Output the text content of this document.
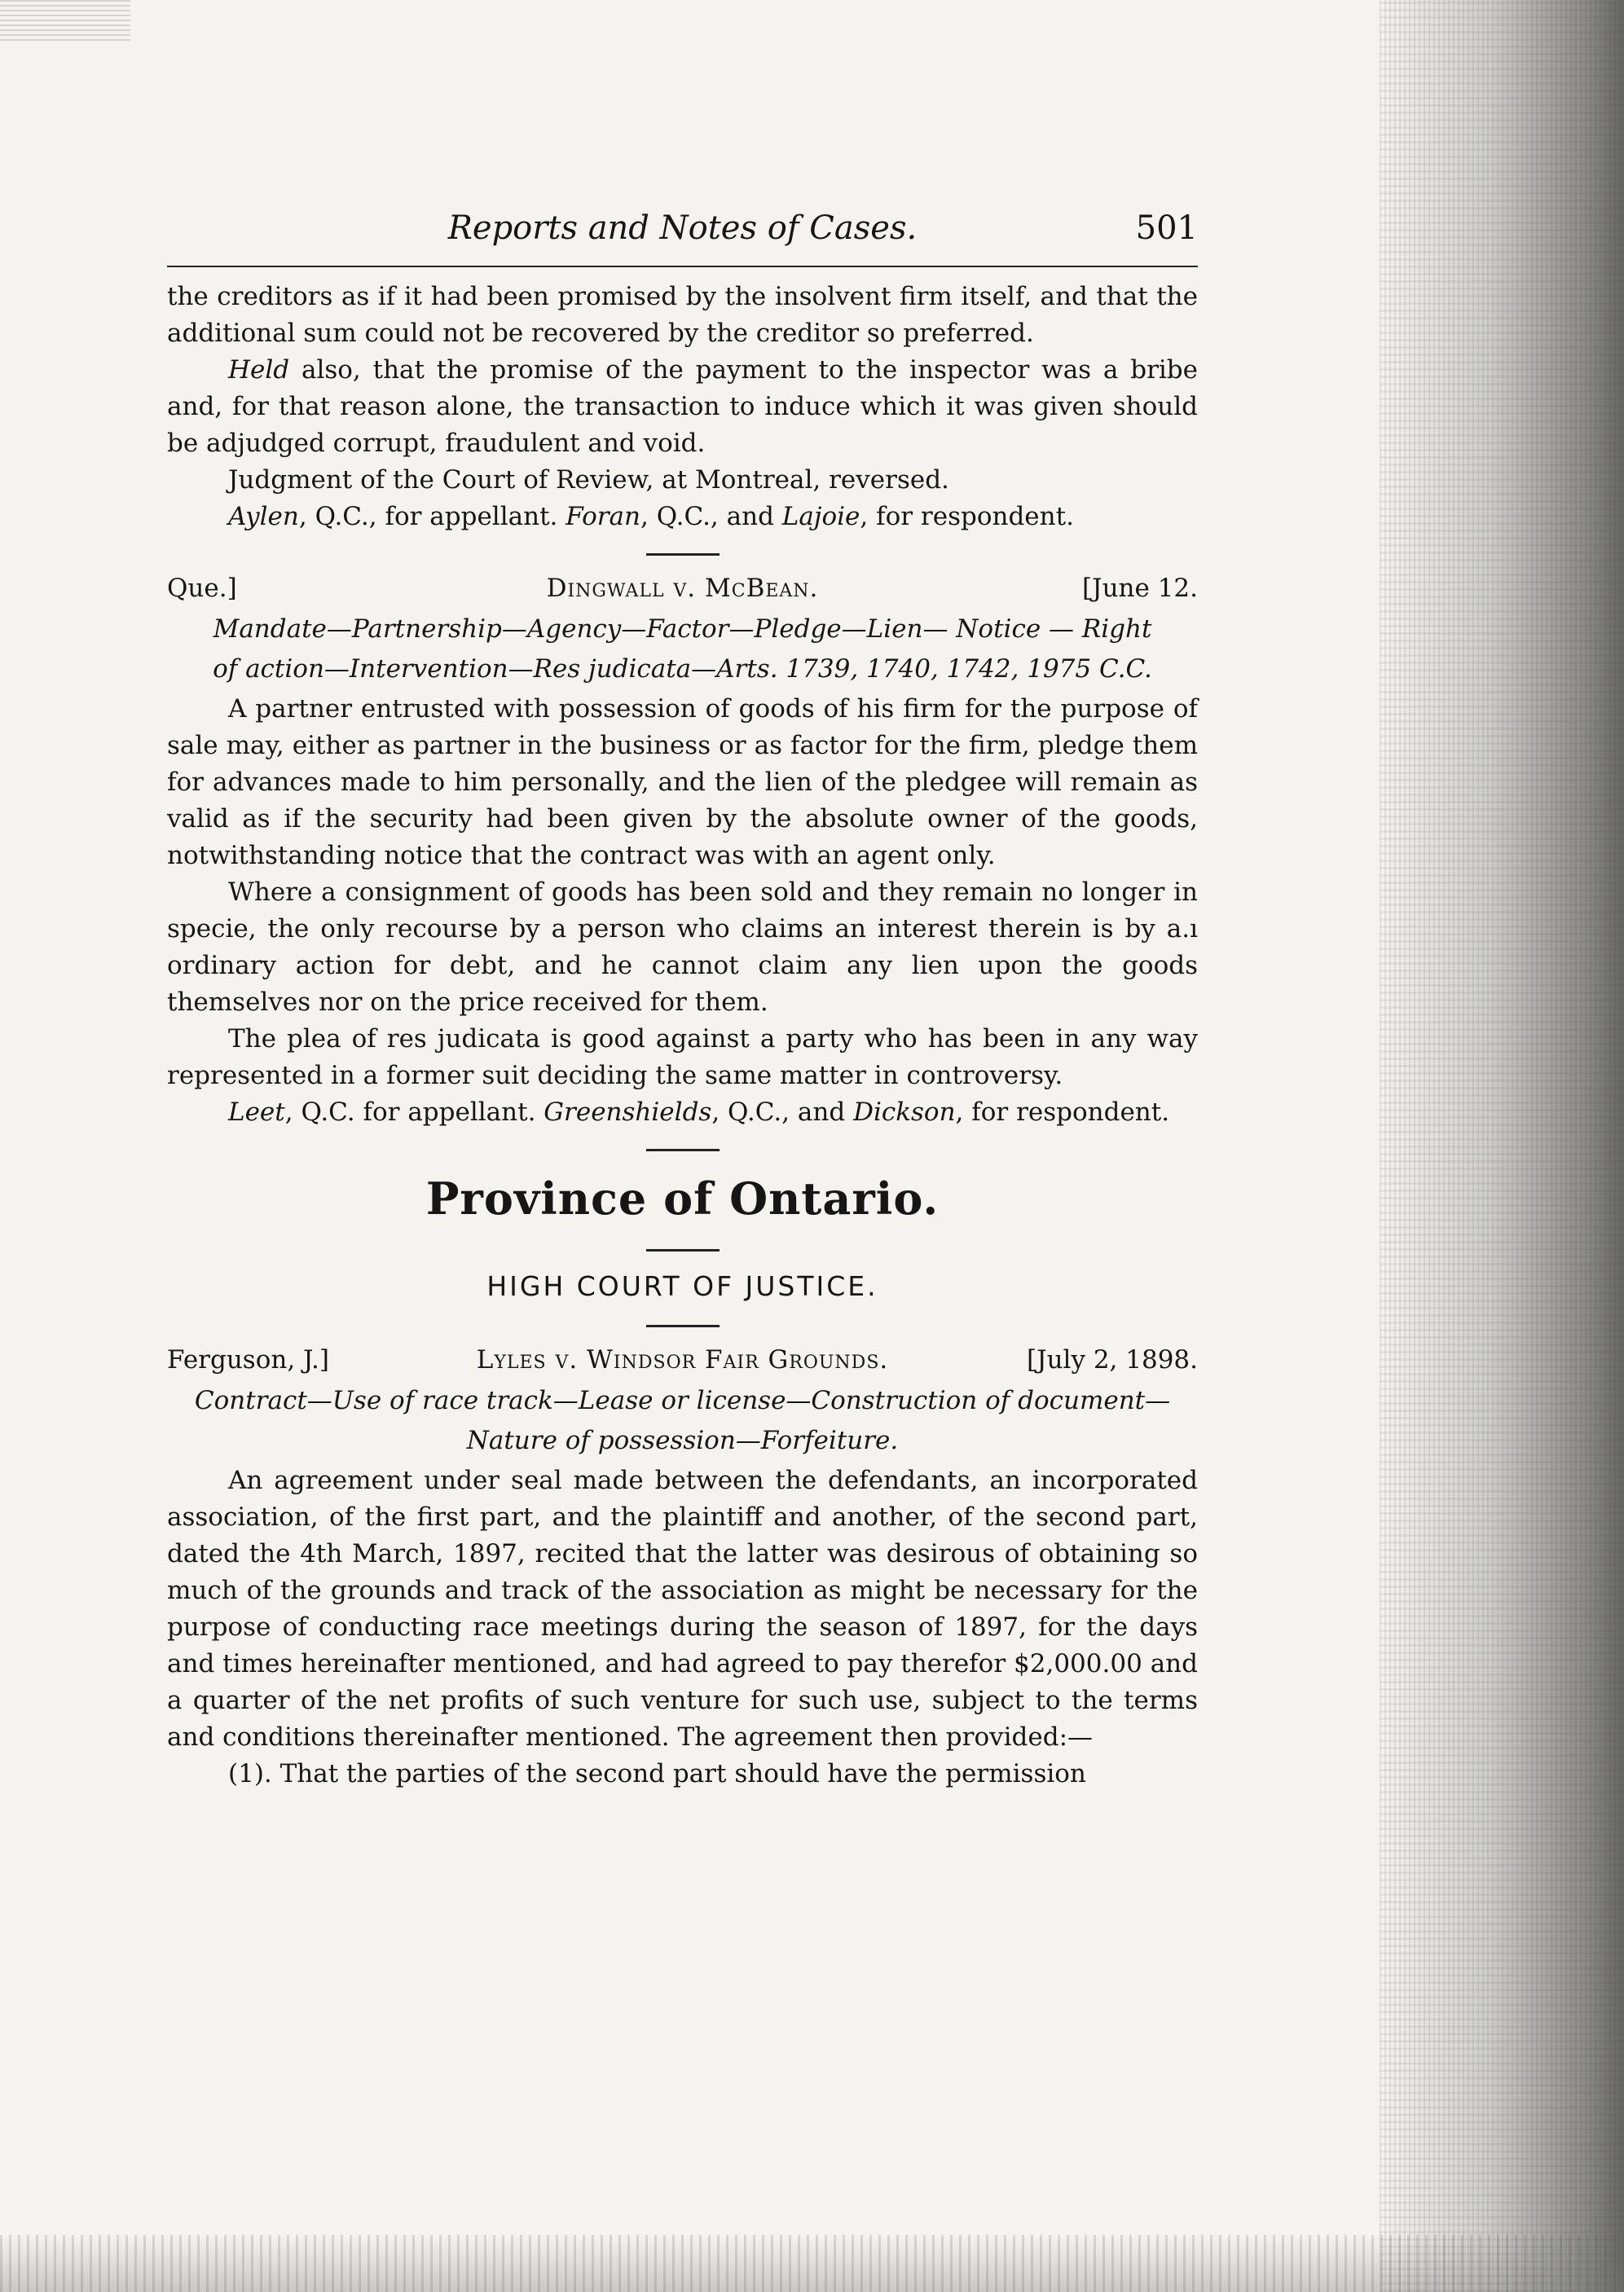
Reports and Notes of Cases.	501

the creditors as if it had been promised by the insolvent firm itself, and that the additional sum could not be recovered by the creditor so preferred.

Held also, that the promise of the payment to the inspector was a bribe and, for that reason alone, the transaction to induce which it was given should be adjudged corrupt, fraudulent and void.

Judgment of the Court of Review, at Montreal, reversed.

Aylen, Q.C., for appellant. Foran, Q.C., and Lajoie, for respondent.

Que.]	Dingwall v. McBean.	[June 12.

Mandate—Partnership—Agency—Factor—Pledge—Lien— Notice — Right

of action—Intervention—Res judicata—Arts. 1739, 1740, 1742, 1975 C.C.

A partner entrusted with possession of goods of his firm for the purpose of sale may, either as partner in the business or as factor for the firm, pledge them for advances made to him personally, and the lien of the pledgee will remain as valid as if the security had been given by the absolute owner of the goods, notwithstanding notice that the contract was with an agent only.

Where a consignment of goods has been sold and they remain no longer in specie, the only recourse by a person who claims an interest therein is by a.ı ordinary action for debt, and he cannot claim any lien upon the goods themselves nor on the price received for them.

The plea of res judicata is good against a party who has been in any way represented in a former suit deciding the same matter in controversy.

Leet, Q.C. for appellant. Greenshields, Q.C., and Dickson, for respondent.

Province of Ontario.
HIGH COURT OF JUSTICE.
Ferguson, J.]	Lyles v. Windsor Fair Grounds.	[July 2, 1898.

Contract—Use of race track—Lease or license—Construction of document—

Nature of possession—Forfeiture.

An agreement under seal made between the defendants, an incorporated association, of the first part, and the plaintiff and another, of the second part, dated the 4th March, 1897, recited that the latter was desirous of obtaining so much of the grounds and track of the association as might be necessary for the purpose of conducting race meetings during the season of 1897, for the days and times hereinafter mentioned, and had agreed to pay therefor $2,000.00 and a quarter of the net profits of such venture for such use, subject to the terms and conditions thereinafter mentioned. The agreement then provided:—

(1). That the parties of the second part should have the permission
